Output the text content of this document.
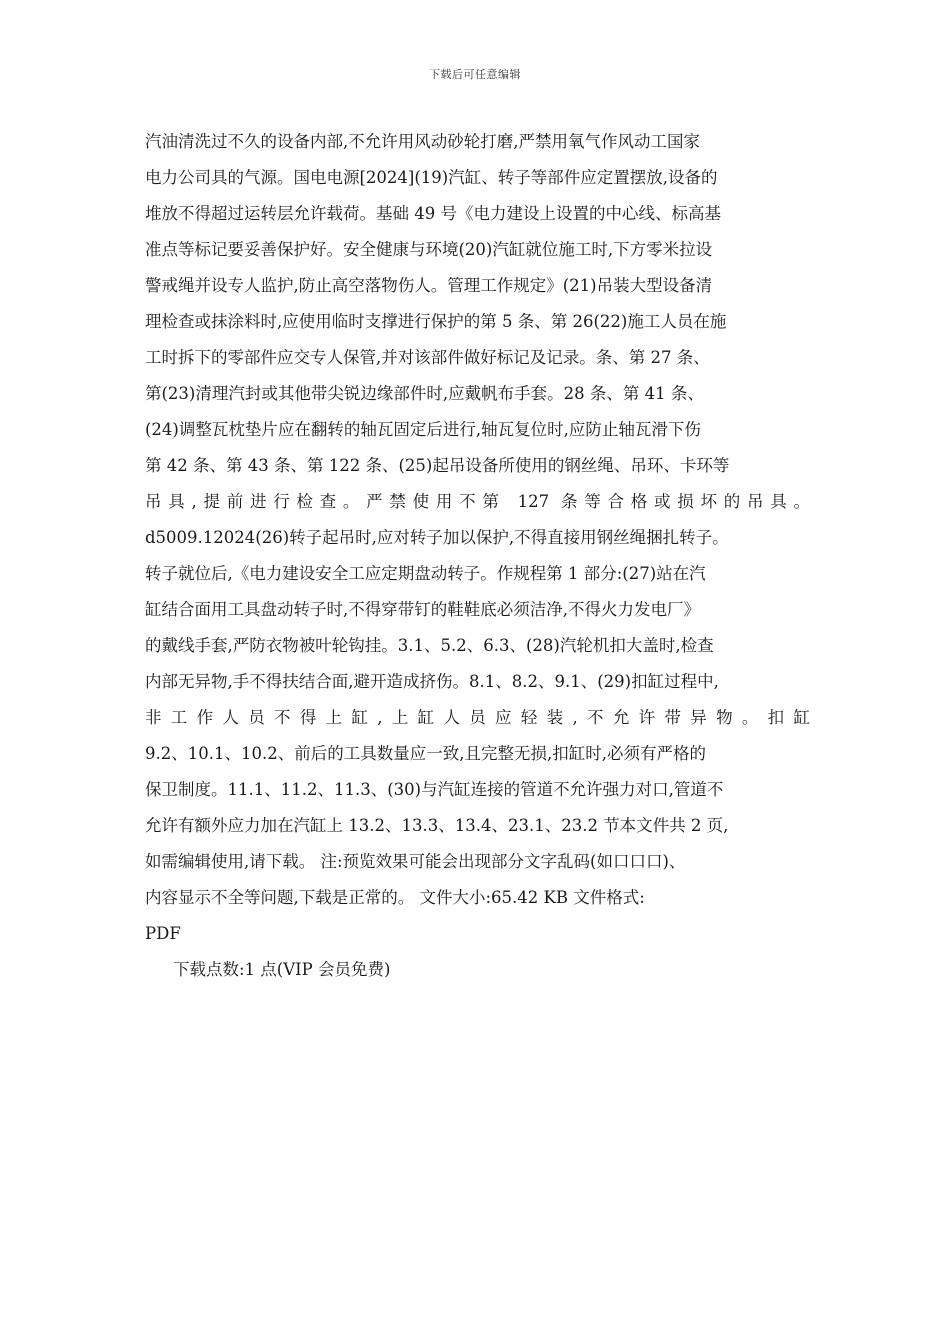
下载后可任意编辑
汽油清洗过不久的设备内部,不允许用风动砂轮打磨,严禁用氧气作风动工国家
电力公司具的气源。国电电源[2024](19)汽缸、转子等部件应定置摆放,设备的
堆放不得超过运转层允许载荷。基础 49 号《电力建设上设置的中心线、标高基
准点等标记要妥善保护好。安全健康与环境(20)汽缸就位施工时,下方零米拉设
警戒绳并设专人监护,防止高空落物伤人。管理工作规定》(21)吊装大型设备清
理检查或抹涂料时,应使用临时支撑进行保护的第 5 条、第 26(22)施工人员在施
工时拆下的零部件应交专人保管,并对该部件做好标记及记录。条、第 27 条、
第(23)清理汽封或其他带尖锐边缘部件时,应戴帆布手套。28 条、第 41 条、
(24)调整瓦枕垫片应在翻转的轴瓦固定后进行,轴瓦复位时,应防止轴瓦滑下伤
第 42 条、第 43 条、第 122 条、(25)起吊设备所使用的钢丝绳、吊环、卡环等
吊具,提前进行检查。严禁使用不第 127 条等合格或损坏的吊具。
d5009.12024(26)转子起吊时,应对转子加以保护,不得直接用钢丝绳捆扎转子。
转子就位后,《电力建设安全工应定期盘动转子。作规程第 1 部分:(27)站在汽
缸结合面用工具盘动转子时,不得穿带钉的鞋鞋底必须洁净,不得火力发电厂》
的戴线手套,严防衣物被叶轮钩挂。3.1、5.2、6.3、(28)汽轮机扣大盖时,检查
内部无异物,手不得扶结合面,避开造成挤伤。8.1、8.2、9.1、(29)扣缸过程中,
非工作人员不得上缸,上缸人员应轻装,不允许带异物。扣缸
9.2、10.1、10.2、前后的工具数量应一致,且完整无损,扣缸时,必须有严格的
保卫制度。11.1、11.2、11.3、(30)与汽缸连接的管道不允许强力对口,管道不
允许有额外应力加在汽缸上 13.2、13.3、13.4、23.1、23.2 节本文件共 2 页,
如需编辑使用,请下载。 注:预览效果可能会出现部分文字乱码(如口口口)、
内容显示不全等问题,下载是正常的。 文件大小:65.42 KB 文件格式:
PDF
下载点数:1 点(VIP 会员免费)
